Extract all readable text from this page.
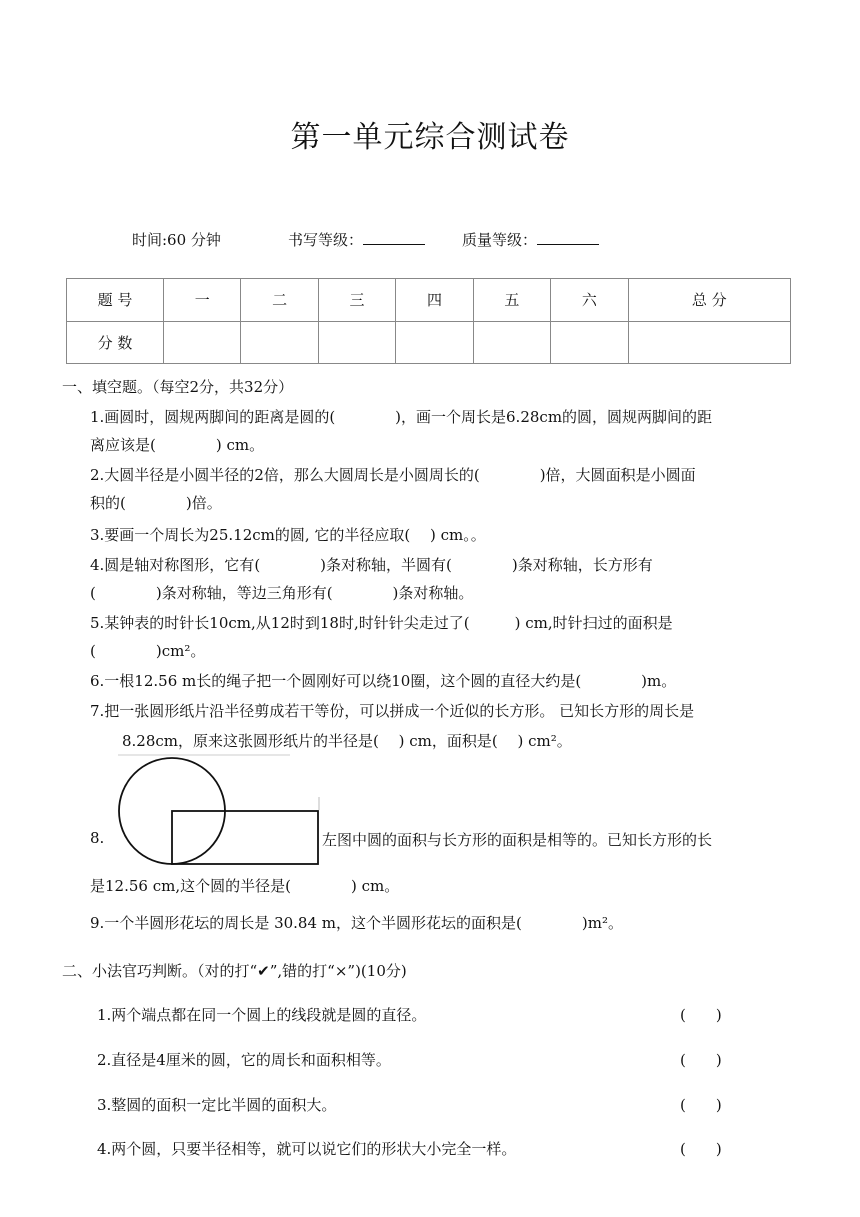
第一单元综合测试卷
时间:60 分钟	书写等级：	质量等级：
题 号	一	二	三	四	五	六	总 分
分 数							
一、填空题。（每空2分，共32分）
1.画圆时，圆规两脚间的距离是圆的(　　　　)，画一个周长是6.28cm的圆，圆规两脚间的距
离应该是(　　　　) cm。
2.大圆半径是小圆半径的2倍，那么大圆周长是小圆周长的(　　　　)倍，大圆面积是小圆面
积的(　　　　)倍。
3.要画一个周长为25.12cm的圆, 它的半径应取(　 ) cm。。
4.圆是轴对称图形，它有(　　　　)条对称轴，半圆有(　　　　)条对称轴，长方形有
(　　　　)条对称轴，等边三角形有(　　　　)条对称轴。
5.某钟表的时针长10cm,从12时到18时,时针针尖走过了(　　　) cm,时针扫过的面积是
(　　　　)cm²。
6.一根12.56 m长的绳子把一个圆刚好可以绕10圈，这个圆的直径大约是(　　　　)m。
7.把一张圆形纸片沿半径剪成若干等份，可以拼成一个近似的长方形。 已知长方形的周长是
8.28cm，原来这张圆形纸片的半径是(　 ) cm，面积是(　 ) cm²。
8.	左图中圆的面积与长方形的面积是相等的。已知长方形的长
是12.56 cm,这个圆的半径是(　　　　) cm。
9.一个半圆形花坛的周长是 30.84 m，这个半圆形花坛的面积是(　　　　)m²。
二、小法官巧判断。（对的打“✔”,错的打“×”)(10分)
1.两个端点都在同一个圆上的线段就是圆的直径。	(　　)
2.直径是4厘米的圆，它的周长和面积相等。	(　　)
3.整圆的面积一定比半圆的面积大。	(　　)
4.两个圆，只要半径相等，就可以说它们的形状大小完全一样。	(　　)
